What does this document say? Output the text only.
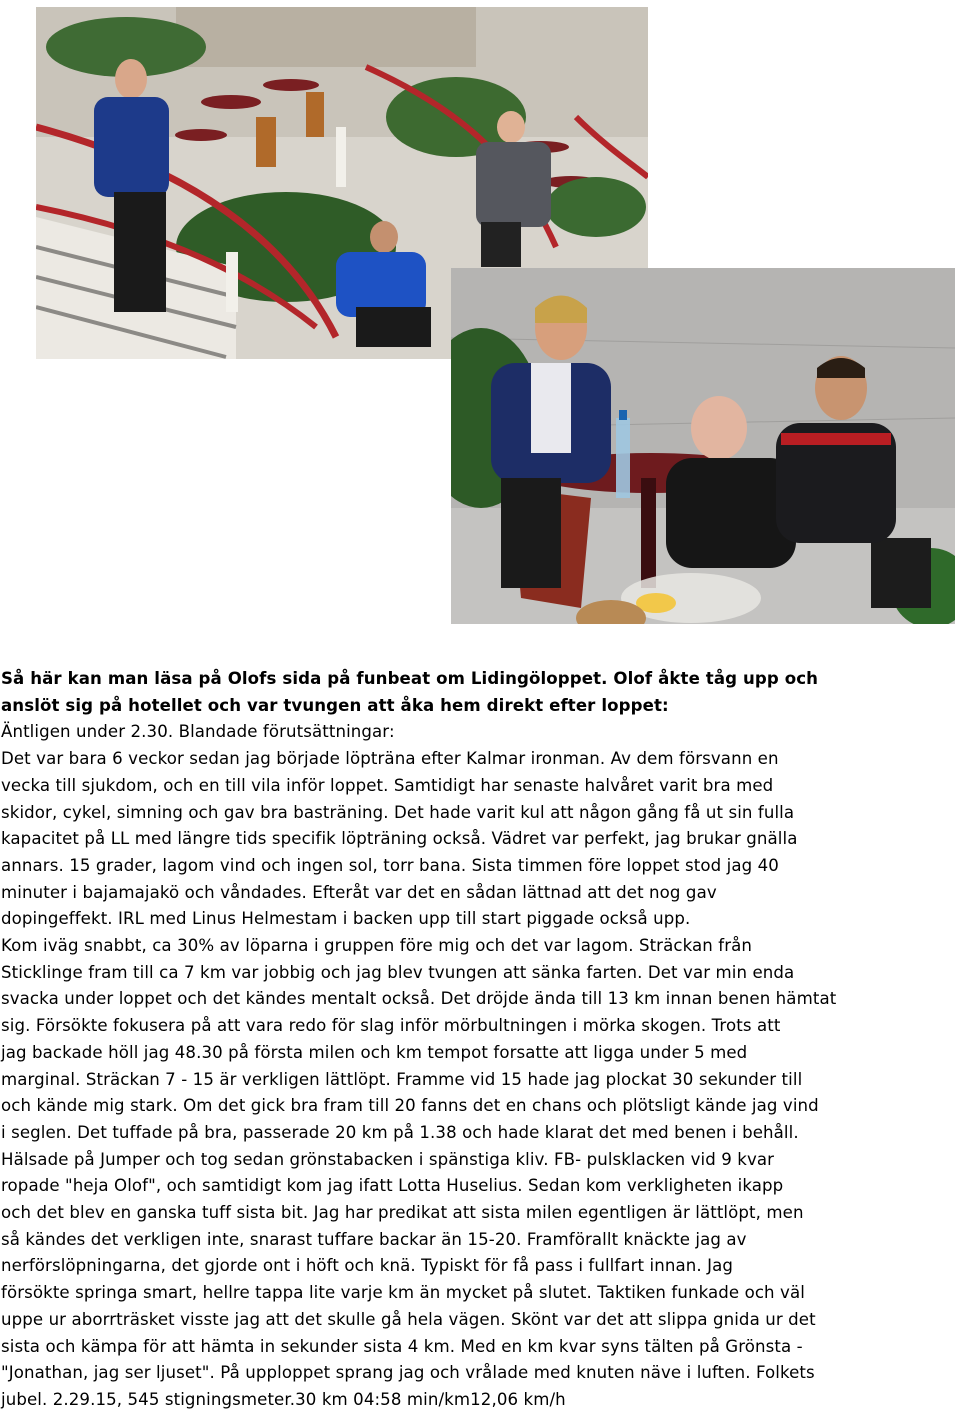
Så här kan man läsa på Olofs sida på funbeat om Lidingöloppet. Olof åkte tåg upp och

anslöt sig på hotellet och var tvungen att åka hem direkt efter loppet:

Äntligen under 2.30. Blandade förutsättningar:

Det var bara 6 veckor sedan jag började löpträna efter Kalmar ironman. Av dem försvann en

vecka till sjukdom, och en till vila inför loppet. Samtidigt har senaste halvåret varit bra med

skidor, cykel, simning och gav bra basträning. Det hade varit kul att någon gång få ut sin fulla

kapacitet på LL med längre tids specifik löpträning också. Vädret var perfekt, jag brukar gnälla

annars. 15 grader, lagom vind och ingen sol, torr bana. Sista timmen före loppet stod jag 40

minuter i bajamajakö och våndades. Efteråt var det en sådan lättnad att det nog gav

dopingeffekt. IRL med Linus Helmestam i backen upp till start piggade också upp.

Kom iväg snabbt, ca 30% av löparna i gruppen före mig och det var lagom. Sträckan från

Sticklinge fram till ca 7 km var jobbig och jag blev tvungen att sänka farten. Det var min enda

svacka under loppet och det kändes mentalt också. Det dröjde ända till 13 km innan benen hämtat

sig. Försökte fokusera på att vara redo för slag inför mörbultningen i mörka skogen. Trots att

jag backade höll jag 48.30 på första milen och km tempot forsatte att ligga under 5 med

marginal. Sträckan 7 - 15 är verkligen lättlöpt. Framme vid 15 hade jag plockat 30 sekunder till

och kände mig stark. Om det gick bra fram till 20 fanns det en chans och plötsligt kände jag vind

i seglen. Det tuffade på bra, passerade 20 km på 1.38 och hade klarat det med benen i behåll.

Hälsade på Jumper och tog sedan grönstabacken i spänstiga kliv. FB- pulsklacken vid 9 kvar

ropade "heja Olof", och samtidigt kom jag ifatt Lotta Huselius. Sedan kom verkligheten ikapp

och det blev en ganska tuff sista bit. Jag har predikat att sista milen egentligen är lättlöpt, men

så kändes det verkligen inte, snarast tuffare backar än 15-20. Framförallt knäckte jag av

nerförslöpningarna, det gjorde ont i höft och knä. Typiskt för få pass i fullfart innan. Jag

försökte springa smart, hellre tappa lite varje km än mycket på slutet. Taktiken funkade och väl

uppe ur aborrträsket visste jag att det skulle gå hela vägen. Skönt var det att slippa gnida ur det

sista och kämpa för att hämta in sekunder sista 4 km. Med en km kvar syns tälten på Grönsta -

"Jonathan, jag ser ljuset". På upploppet sprang jag och vrålade med knuten näve i luften. Folkets

jubel. 2.29.15, 545 stigningsmeter.30 km 04:58 min/km12,06 km/h
